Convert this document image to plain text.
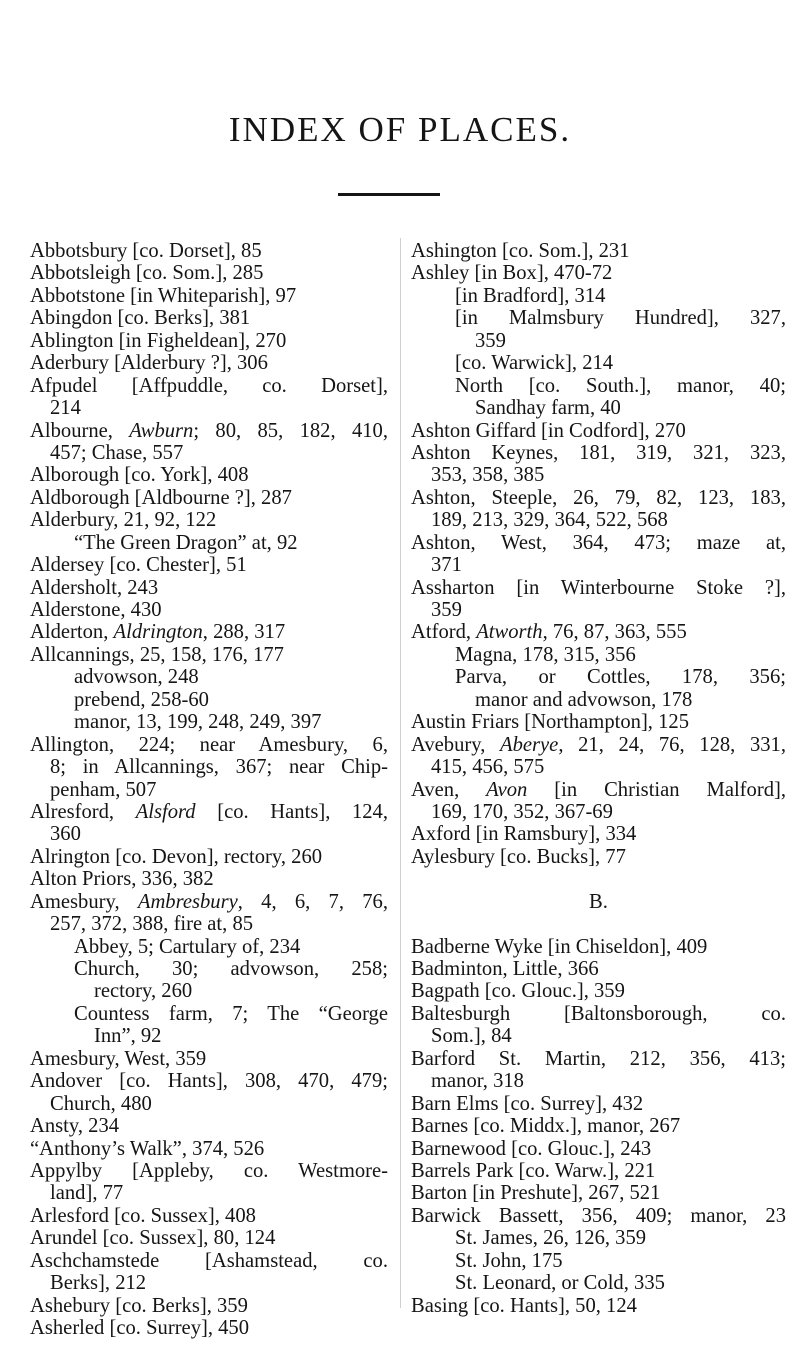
INDEX OF PLACES.
Abbotsbury [co. Dorset], 85
Abbotsleigh [co. Som.], 285
Abbotstone [in Whiteparish], 97
Abingdon [co. Berks], 381
Ablington [in Figheldean], 270
Aderbury [Alderbury ?], 306
Afpudel [Affpuddle, co. Dorset],
214
Albourne, Awburn; 80, 85, 182, 410,
457; Chase, 557
Alborough [co. York], 408
Aldborough [Aldbourne ?], 287
Alderbury, 21, 92, 122
“The Green Dragon” at, 92
Aldersey [co. Chester], 51
Aldersholt, 243
Alderstone, 430
Alderton, Aldrington, 288, 317
Allcannings, 25, 158, 176, 177
advowson, 248
prebend, 258-60
manor, 13, 199, 248, 249, 397
Allington, 224; near Amesbury, 6,
8; in Allcannings, 367; near Chip-
penham, 507
Alresford, Alsford [co. Hants], 124,
360
Alrington [co. Devon], rectory, 260
Alton Priors, 336, 382
Amesbury, Ambresbury, 4, 6, 7, 76,
257, 372, 388, fire at, 85
Abbey, 5; Cartulary of, 234
Church, 30; advowson, 258;
rectory, 260
Countess farm, 7; The “George
Inn”, 92
Amesbury, West, 359
Andover [co. Hants], 308, 470, 479;
Church, 480
Ansty, 234
“Anthony’s Walk”, 374, 526
Appylby [Appleby, co. Westmore-
land], 77
Arlesford [co. Sussex], 408
Arundel [co. Sussex], 80, 124
Aschchamstede [Ashamstead, co.
Berks], 212
Ashebury [co. Berks], 359
Asherled [co. Surrey], 450
Ashington [co. Som.], 231
Ashley [in Box], 470-72
[in Bradford], 314
[in Malmsbury Hundred], 327,
359
[co. Warwick], 214
North [co. South.], manor, 40;
Sandhay farm, 40
Ashton Giffard [in Codford], 270
Ashton Keynes, 181, 319, 321, 323,
353, 358, 385
Ashton, Steeple, 26, 79, 82, 123, 183,
189, 213, 329, 364, 522, 568
Ashton, West, 364, 473; maze at,
371
Assharton [in Winterbourne Stoke ?],
359
Atford, Atworth, 76, 87, 363, 555
Magna, 178, 315, 356
Parva, or Cottles, 178, 356;
manor and advowson, 178
Austin Friars [Northampton], 125
Avebury, Aberye, 21, 24, 76, 128, 331,
415, 456, 575
Aven, Avon [in Christian Malford],
169, 170, 352, 367-69
Axford [in Ramsbury], 334
Aylesbury [co. Bucks], 77
B.
Badberne Wyke [in Chiseldon], 409
Badminton, Little, 366
Bagpath [co. Glouc.], 359
Baltesburgh [Baltonsborough, co.
Som.], 84
Barford St. Martin, 212, 356, 413;
manor, 318
Barn Elms [co. Surrey], 432
Barnes [co. Middx.], manor, 267
Barnewood [co. Glouc.], 243
Barrels Park [co. Warw.], 221
Barton [in Preshute], 267, 521
Barwick Bassett, 356, 409; manor, 23
St. James, 26, 126, 359
St. John, 175
St. Leonard, or Cold, 335
Basing [co. Hants], 50, 124
